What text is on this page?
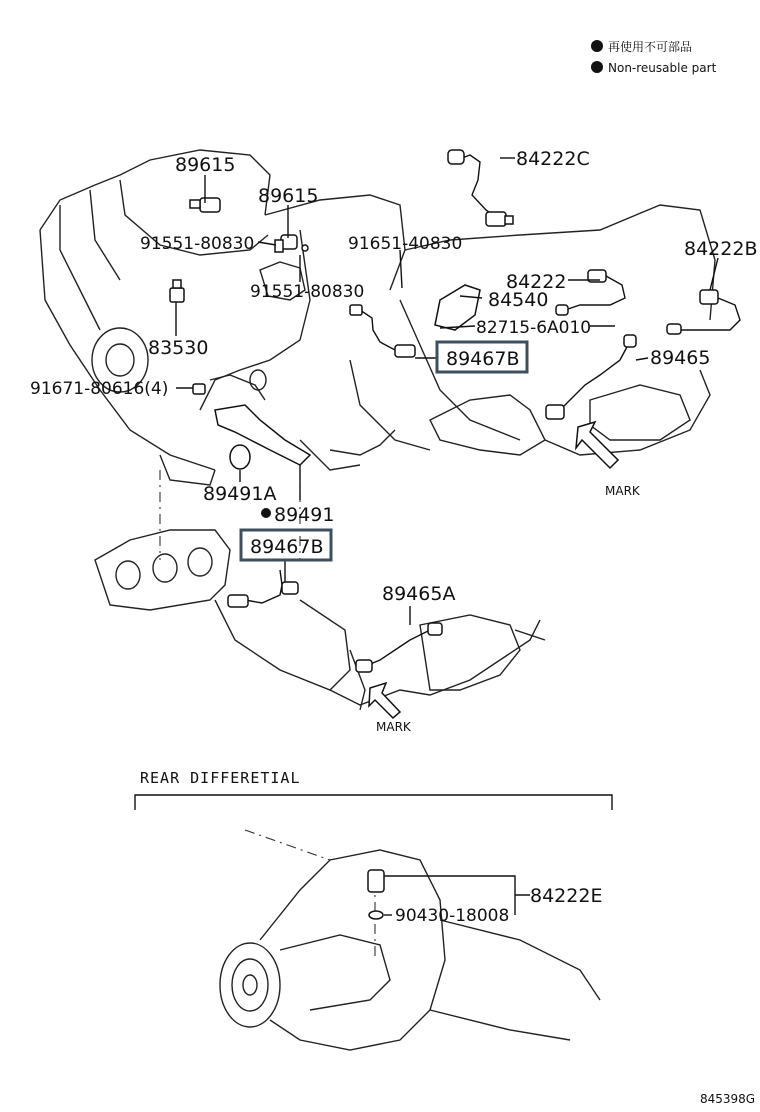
再使用不可部品
Non-reusable part
89615
89615
91551-80830	91651-40830
91551-80830
83530
91671-80616(4)
84222C
84222B
84222
84540
82715-6A010
89467B	89465
MARK
89491A
89491
89467B
89465A
MARK
REAR DIFFERETIAL
84222E
90430-18008
845398G
